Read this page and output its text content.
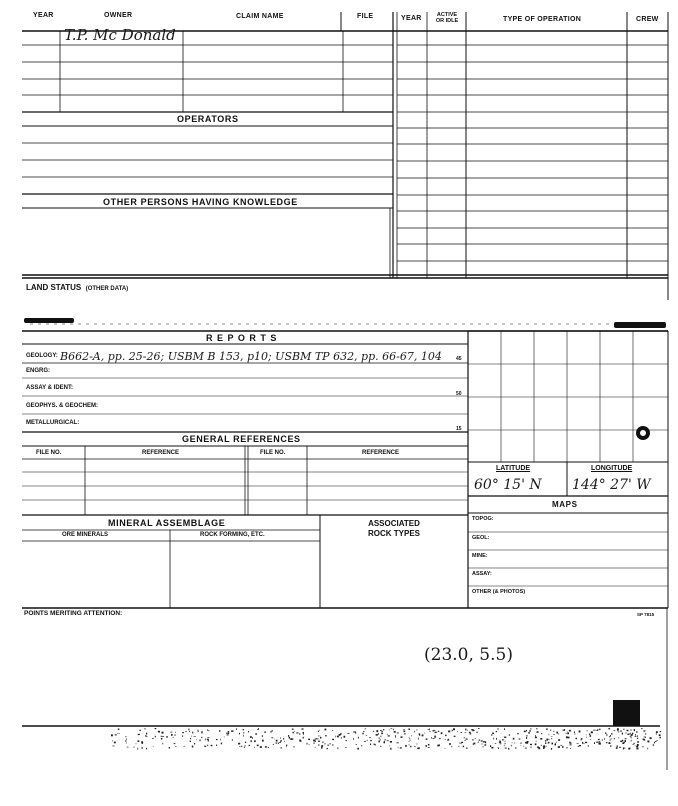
YEAR	OWNER	CLAIM NAME	FILE	YEAR	ACTIVE
OR IDLE	TYPE OF OPERATION	CREW
T.P. Mc Donald
OPERATORS
OTHER PERSONS HAVING KNOWLEDGE
LAND STATUS (OTHER DATA)
R E P O R T S
GEOLOGY: B662-A, pp. 25-26; USBM B 153, p10; USBM TP 632, pp. 66-67, 104	45
ENGRG:
ASSAY & IDENT:
50
GEOPHYS. & GEOCHEM:
METALLURGICAL:
15
GENERAL REFERENCES
FILE NO.	REFERENCE	FILE NO.	REFERENCE
MINERAL ASSEMBLAGE
ORE MINERALS	ROCK FORMING, ETC.
ASSOCIATED
ROCK TYPES
LATITUDE	LONGITUDE
60° 15' N 144° 27' W
MAPS
TOPOG:
GEOL:
MINE:
ASSAY:
OTHER (& PHOTOS)
POINTS MERITING ATTENTION:	SP 7815
(23.0, 5.5)
